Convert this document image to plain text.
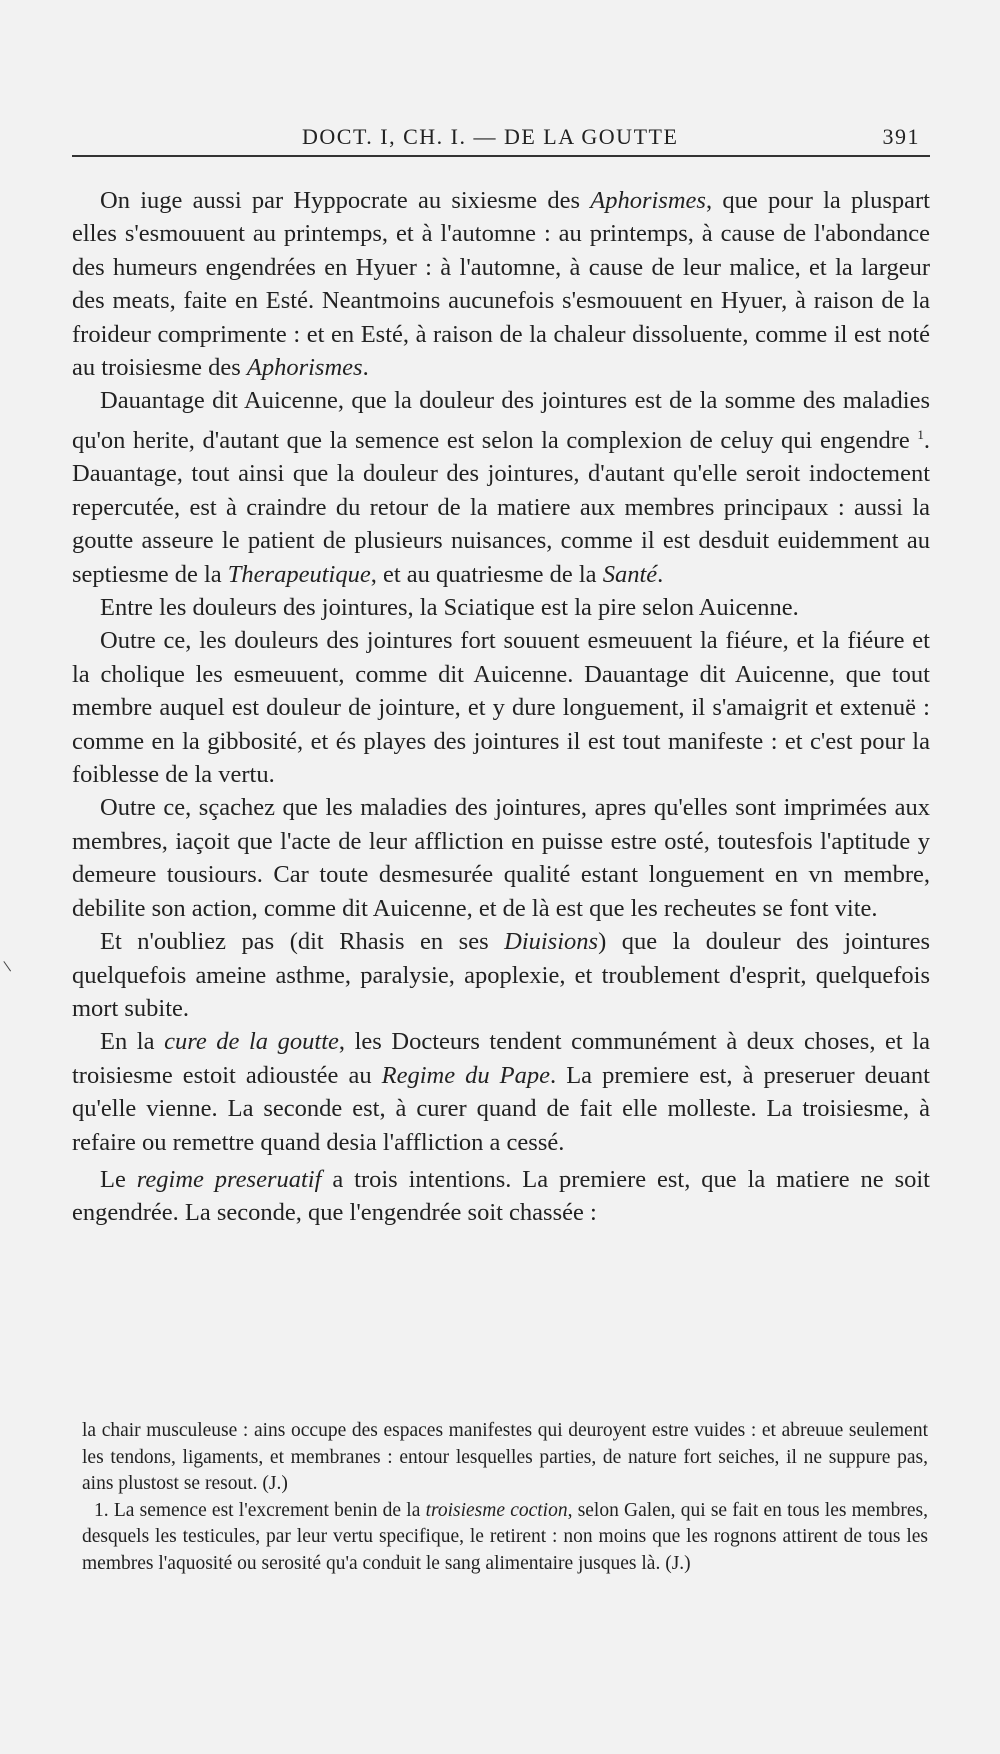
DOCT. I, CH. I. — DE LA GOUTTE	391

On iuge aussi par Hyppocrate au sixiesme des Aphorismes, que pour la pluspart elles s'esmouuent au printemps, et à l'automne : au printemps, à cause de l'abondance des humeurs engendrées en Hyuer : à l'automne, à cause de leur malice, et la largeur des meats, faite en Esté. Neantmoins aucunefois s'esmouuent en Hyuer, à raison de la froideur comprimente : et en Esté, à raison de la chaleur dissoluente, comme il est noté au troisiesme des Aphorismes.

Dauantage dit Auicenne, que la douleur des jointures est de la somme des maladies qu'on herite, d'autant que la semence est selon la complexion de celuy qui engendre $^1$. Dauantage, tout ainsi que la douleur des jointures, d'autant qu'elle seroit indoctement repercutée, est à craindre du retour de la matiere aux membres principaux : aussi la goutte asseure le patient de plusieurs nuisances, comme il est desduit euidemment au septiesme de la Therapeutique, et au quatriesme de la Santé.

Entre les douleurs des jointures, la Sciatique est la pire selon Auicenne.

Outre ce, les douleurs des jointures fort souuent esmeuuent la fiéure, et la fiéure et la cholique les esmeuuent, comme dit Auicenne. Dauantage dit Auicenne, que tout membre auquel est douleur de jointure, et y dure longuement, il s'amaigrit et extenuë : comme en la gibbosité, et és playes des jointures il est tout manifeste : et c'est pour la foiblesse de la vertu.

Outre ce, sçachez que les maladies des jointures, apres qu'elles sont imprimées aux membres, iaçoit que l'acte de leur affliction en puisse estre osté, toutesfois l'aptitude y demeure tousiours. Car toute desmesurée qualité estant longuement en vn membre, debilite son action, comme dit Auicenne, et de là est que les recheutes se font vite.

Et n'oubliez pas (dit Rhasis en ses Diuisions) que la douleur des jointures quelquefois ameine asthme, paralysie, apoplexie, et troublement d'esprit, quelquefois mort subite.

En la cure de la goutte, les Docteurs tendent communément à deux choses, et la troisiesme estoit adioustée au Regime du Pape. La premiere est, à preseruer deuant qu'elle vienne. La seconde est, à curer quand de fait elle molleste. La troisiesme, à refaire ou remettre quand desia l'affliction a cessé.

Le regime preseruatif a trois intentions. La premiere est, que la matiere ne soit engendrée. La seconde, que l'engendrée soit chassée :

la chair musculeuse : ains occupe des espaces manifestes qui deuroyent estre vuides : et abreuue seulement les tendons, ligaments, et membranes : entour lesquelles parties, de nature fort seiches, il ne suppure pas, ains plustost se resout. (J.)

1. La semence est l'excrement benin de la troisiesme coction, selon Galen, qui se fait en tous les membres, desquels les testicules, par leur vertu specifique, le retirent : non moins que les rognons attirent de tous les membres l'aquosité ou serosité qu'a conduit le sang alimentaire jusques là. (J.)
